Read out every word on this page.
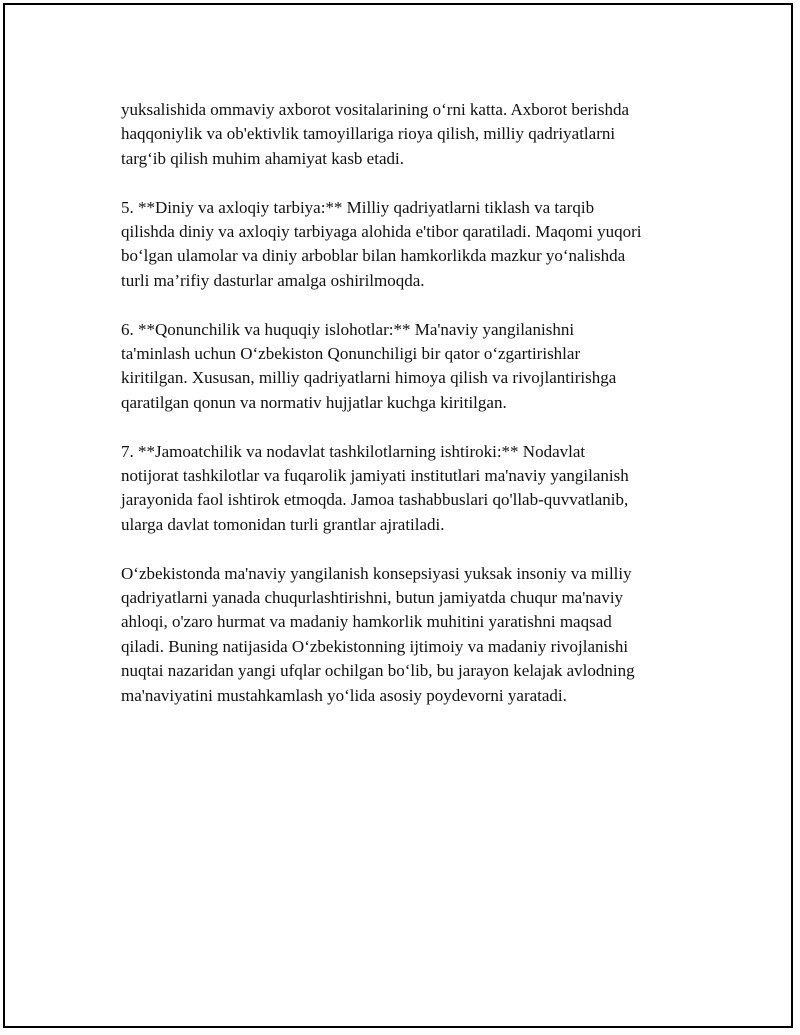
yuksalishida ommaviy axborot vositalarining o‘rni katta. Axborot berishda
haqqoniylik va ob'ektivlik tamoyillariga rioya qilish, milliy qadriyatlarni
targ‘ib qilish muhim ahamiyat kasb etadi.

5. **Diniy va axloqiy tarbiya:** Milliy qadriyatlarni tiklash va tarqib
qilishda diniy va axloqiy tarbiyaga alohida e'tibor qaratiladi. Maqomi yuqori
bo‘lgan ulamolar va diniy arboblar bilan hamkorlikda mazkur yo‘nalishda
turli ma’rifiy dasturlar amalga oshirilmoqda.

6. **Qonunchilik va huquqiy islohotlar:** Ma'naviy yangilanishni
ta'minlash uchun O‘zbekiston Qonunchiligi bir qator o‘zgartirishlar
kiritilgan. Xususan, milliy qadriyatlarni himoya qilish va rivojlantirishga
qaratilgan qonun va normativ hujjatlar kuchga kiritilgan.

7. **Jamoatchilik va nodavlat tashkilotlarning ishtiroki:** Nodavlat
notijorat tashkilotlar va fuqarolik jamiyati institutlari ma'naviy yangilanish
jarayonida faol ishtirok etmoqda. Jamoa tashabbuslari qo'llab-quvvatlanib,
ularga davlat tomonidan turli grantlar ajratiladi.

O‘zbekistonda ma'naviy yangilanish konsepsiyasi yuksak insoniy va milliy
qadriyatlarni yanada chuqurlashtirishni, butun jamiyatda chuqur ma'naviy
ahloqi, o'zaro hurmat va madaniy hamkorlik muhitini yaratishni maqsad
qiladi. Buning natijasida O‘zbekistonning ijtimoiy va madaniy rivojlanishi
nuqtai nazaridan yangi ufqlar ochilgan bo‘lib, bu jarayon kelajak avlodning
ma'naviyatini mustahkamlash yo‘lida asosiy poydevorni yaratadi.
